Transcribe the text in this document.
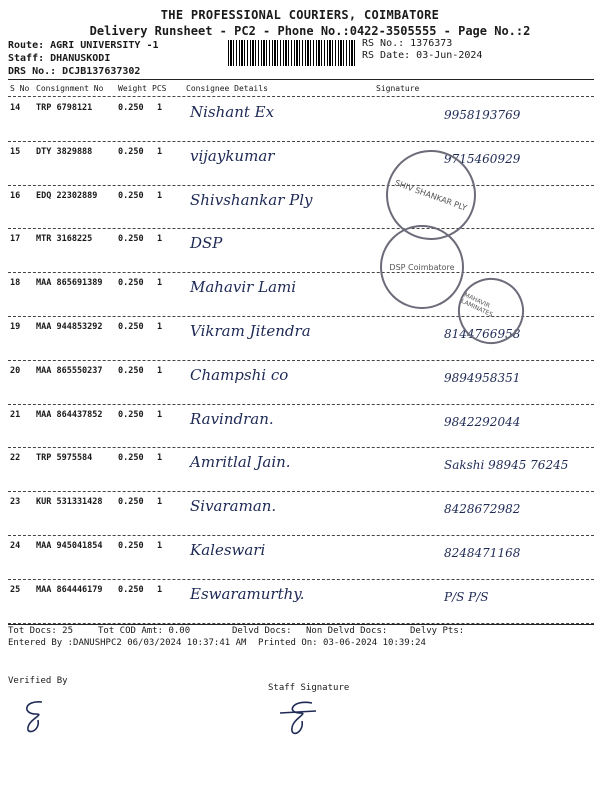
THE PROFESSIONAL COURIERS, COIMBATORE
Delivery Runsheet - PC2 - Phone No.:0422-3505555 - Page No.:2
Route: AGRI UNIVERSITY -1
Staff: DHANUSKODI
DRS No.: DCJB137637302
RS No.: 1376373
RS Date: 03-Jun-2024
S No Consignment No Weight PCS Consignee Details	Signature
14 TRP 6798121	0.250 1 Nishant Ex	9958193769
15 DTY 3829888	0.250 1 vijaykumar	9715460929
16 EDQ 22302889 0.250 1 Shivshankar Ply
17 MTR 3168225	0.250 1 DSP
18 MAA 865691389 0.250 1 Mahavir Lami
19 MAA 944853292 0.250 1 Vikram Jitendra	8144766958
20 MAA 865550237 0.250 1 Champshi co	9894958351
21 MAA 864437852 0.250 1 Ravindran.	9842292044
22 TRP 5975584	0.250 1 Amritlal Jain.	Sakshi 98945 76245
23 KUR 531331428 0.250 1 Sivaraman.	8428672982
24 MAA 945041854 0.250 1 Kaleswari	8248471168
25 MAA 864446179 0.250 1 Eswaramurthy.	P/S P/S
SHIV SHANKAR PLY
DSP Coimbatore
MAHAVIR LAMINATES
Tot Docs: 25	Tot COD Amt: 0.00	Delvd Docs: Non Delvd Docs:	Delvy Pts:
Entered By :DANUSHPC2 06/03/2024 10:37:41 AM Printed On: 03-06-2024 10:39:24
Verified By
Staff Signature
